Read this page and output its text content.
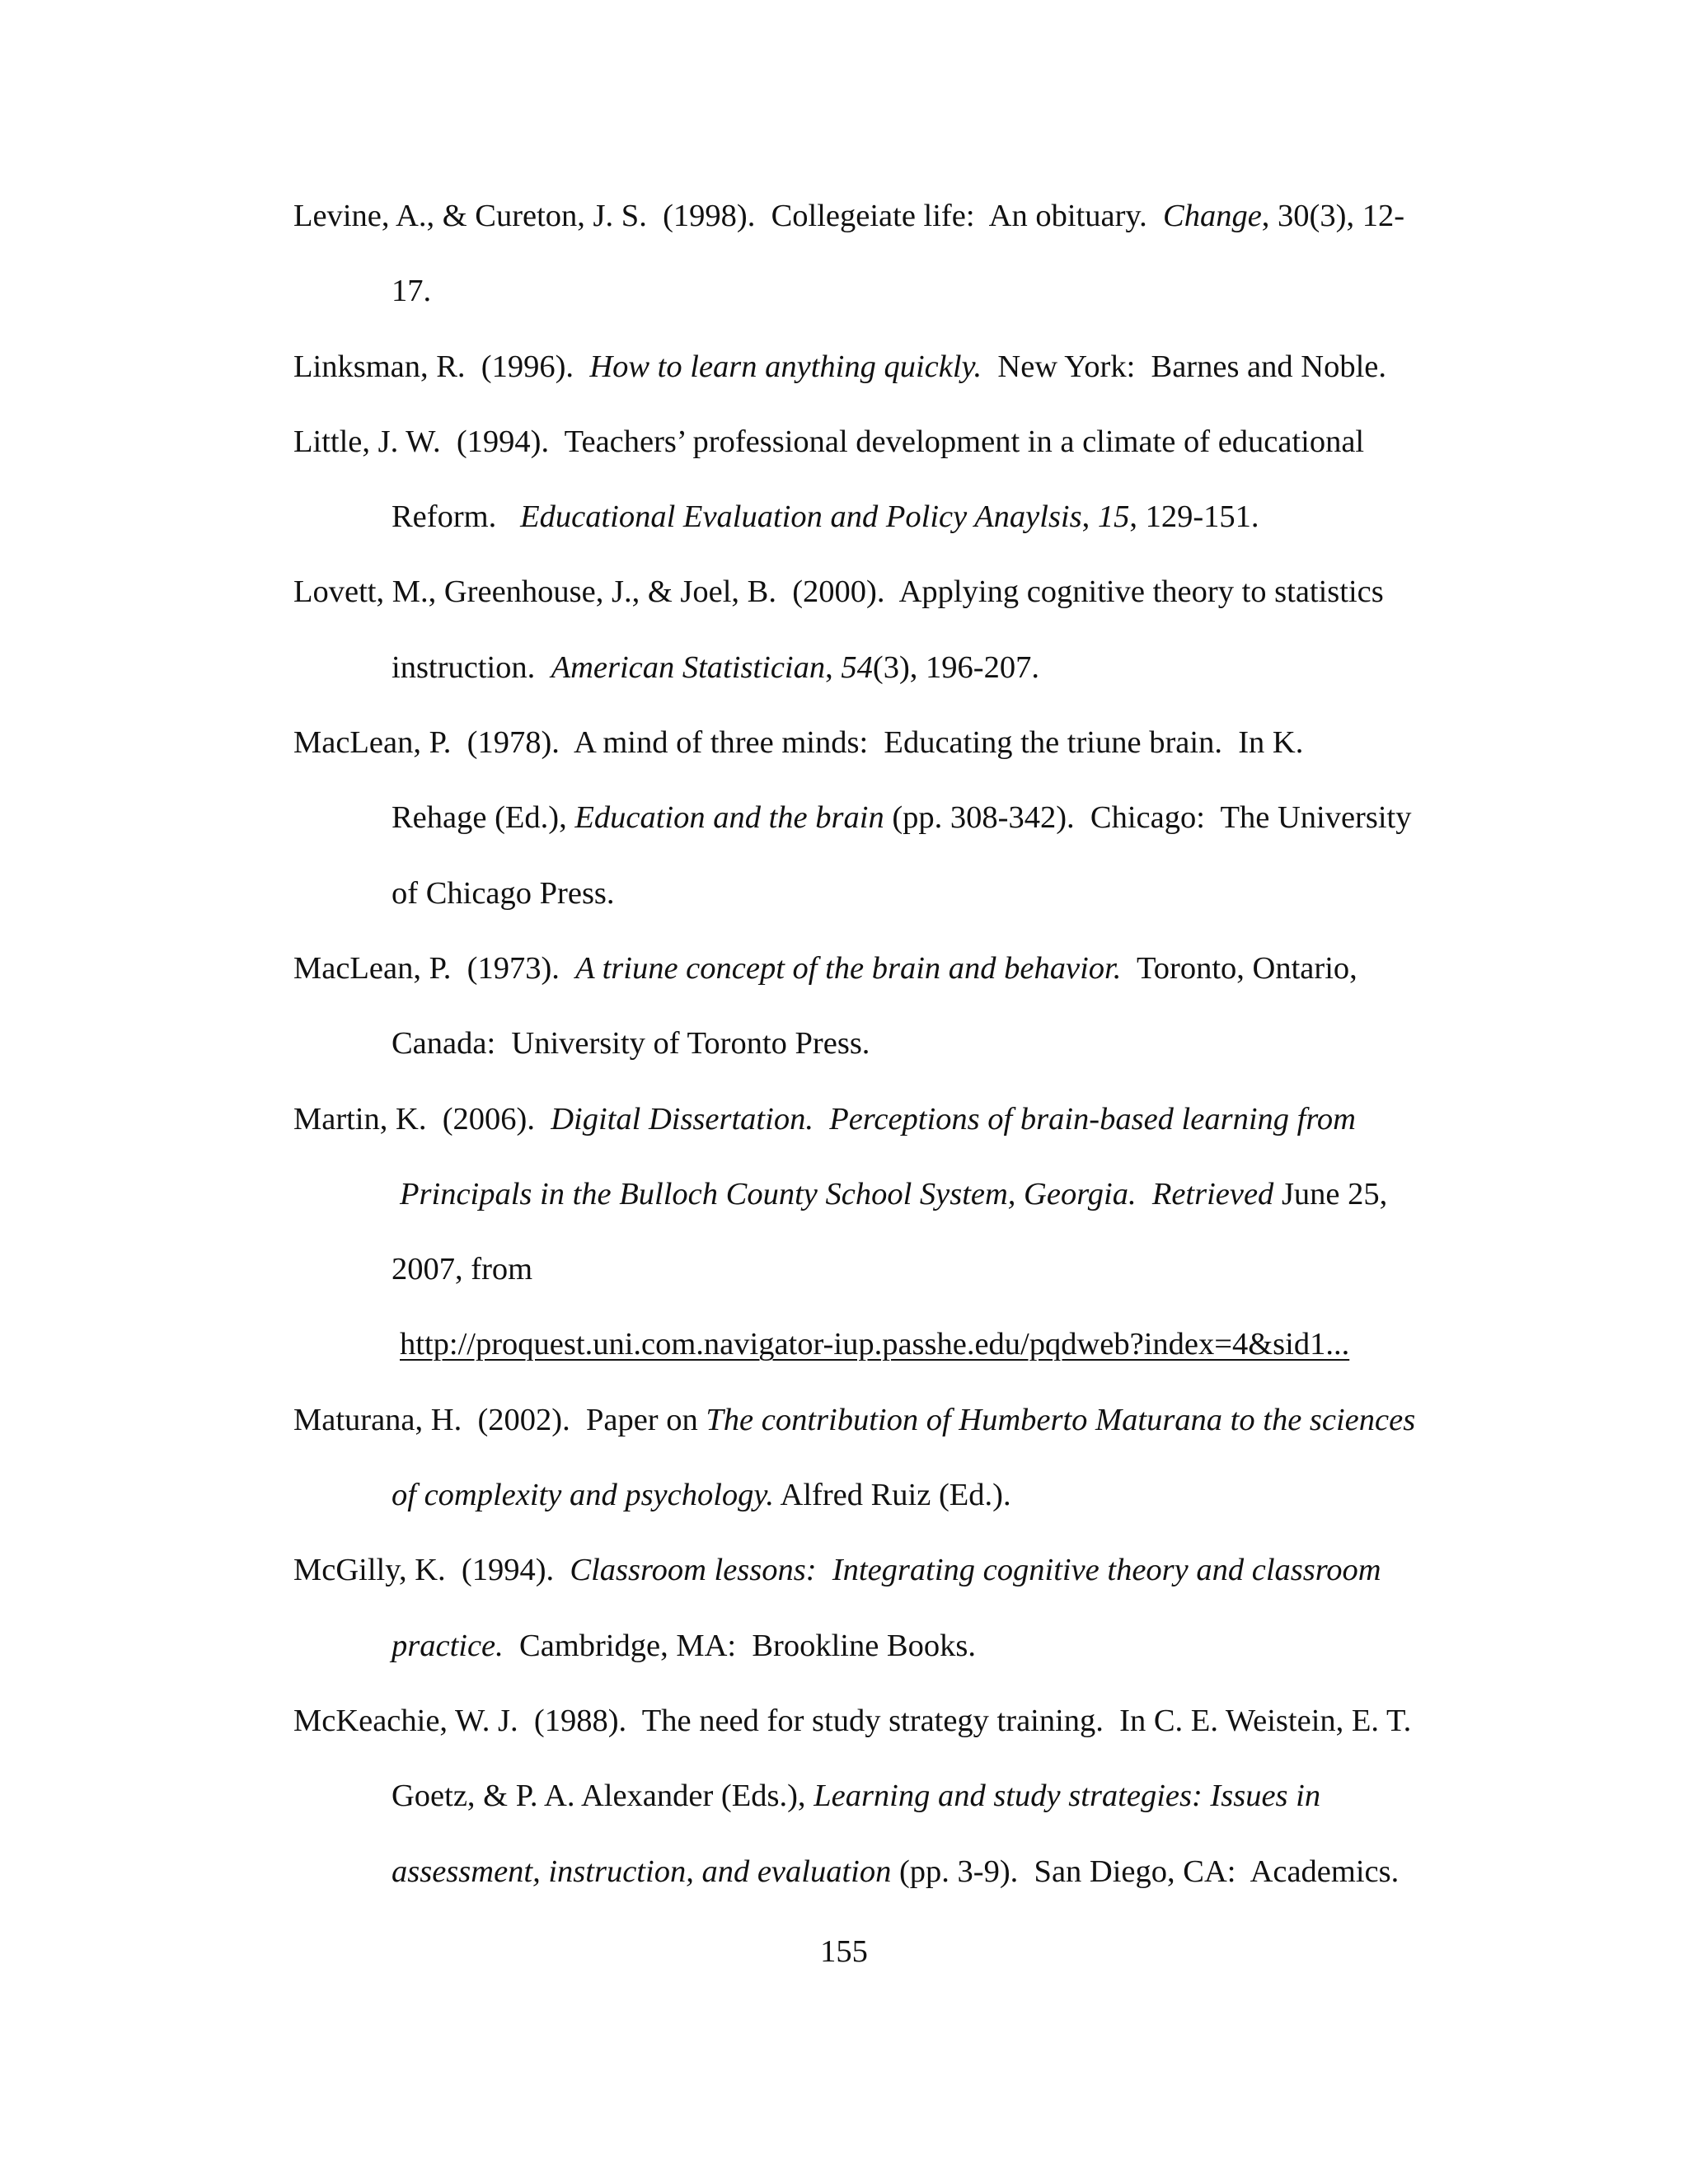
Levine, A., & Cureton, J. S.  (1998).  Collegeiate life:  An obituary.  Change, 30(3), 12-
17.
Linksman, R.  (1996).  How to learn anything quickly.  New York:  Barnes and Noble.
Little, J. W.  (1994).  Teachers’ professional development in a climate of educational
Reform.   Educational Evaluation and Policy Anaylsis, 15, 129-151.
Lovett, M., Greenhouse, J., & Joel, B.  (2000).  Applying cognitive theory to statistics
instruction.  American Statistician, 54(3), 196-207.
MacLean, P.  (1978).  A mind of three minds:  Educating the triune brain.  In K.
Rehage (Ed.), Education and the brain (pp. 308-342).  Chicago:  The University
of Chicago Press.
MacLean, P.  (1973).  A triune concept of the brain and behavior.  Toronto, Ontario,
Canada:  University of Toronto Press.
Martin, K.  (2006).  Digital Dissertation.  Perceptions of brain-based learning from
Principals in the Bulloch County School System, Georgia.  Retrieved June 25,
2007, from
http://proquest.uni.com.navigator-iup.passhe.edu/pqdweb?index=4&sid1...
Maturana, H.  (2002).  Paper on The contribution of Humberto Maturana to the sciences
of complexity and psychology. Alfred Ruiz (Ed.).
McGilly, K.  (1994).  Classroom lessons:  Integrating cognitive theory and classroom
practice.  Cambridge, MA:  Brookline Books.
McKeachie, W. J.  (1988).  The need for study strategy training.  In C. E. Weistein, E. T.
Goetz, & P. A. Alexander (Eds.), Learning and study strategies: Issues in
assessment, instruction, and evaluation (pp. 3-9).  San Diego, CA:  Academics.
155
